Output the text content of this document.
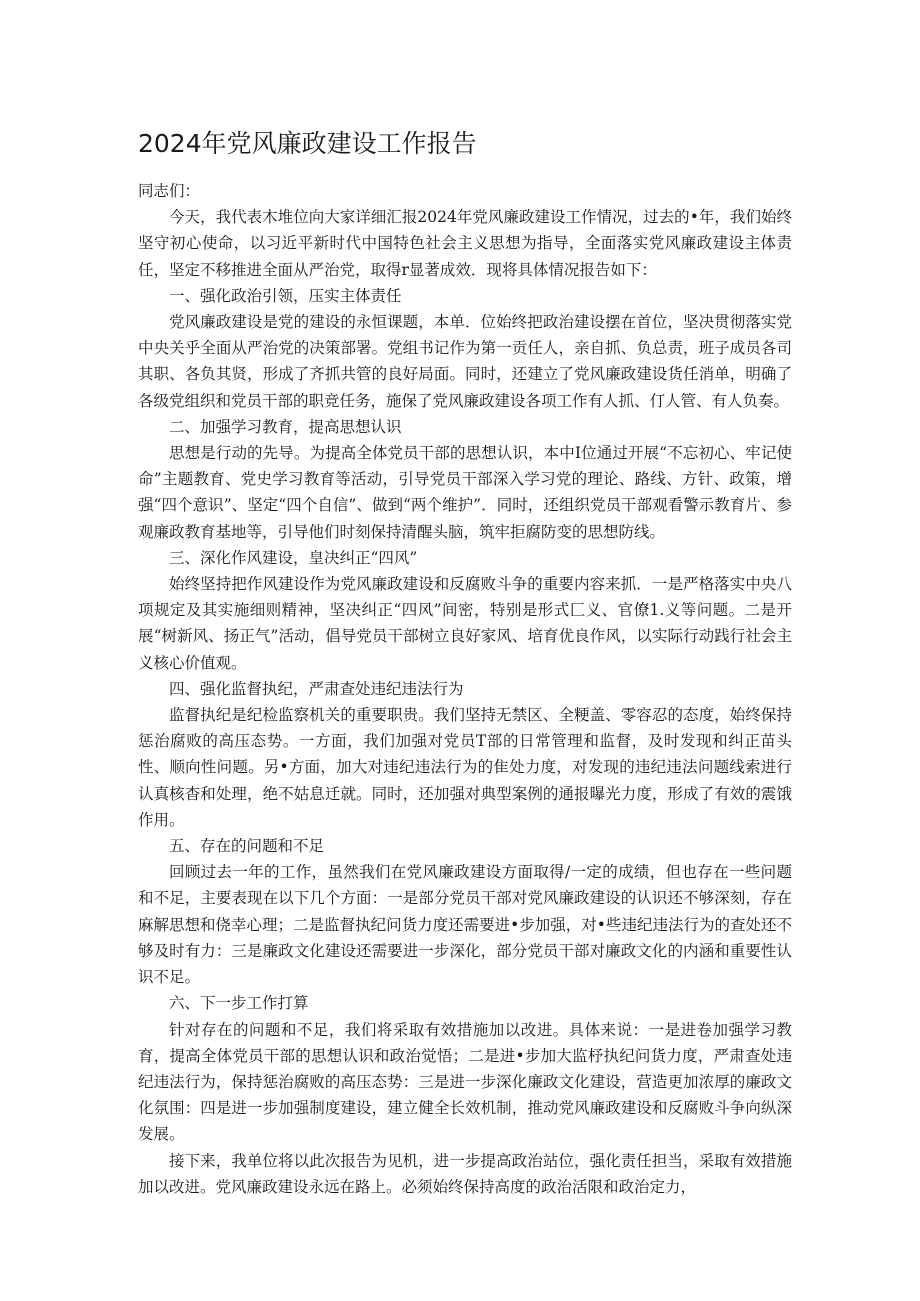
2024年党风廉政建设工作报告

同志们：

今天，我代表木堆位向大家详细汇报2024年党风廉政建设工作情况，过去的•年，我们始终坚守初心使命，以习近平新时代中国特色社会主义思想为指导，全面落实党风廉政建设主体责任，坚定不移推进全面从严治党，取得r显著成效．现将具体情况报告如下：

一、强化政治引领，压实主体责任

党风廉政建设是党的建设的永恒课题，本单．位始终把政治建设摆在首位，坚决贯彻落实党中央关乎全面从严治党的决策部署。党组书记作为第一贡任人，亲自抓、负总责，班子成员各司其职、各负其贤，形成了齐抓共管的良好局面。同时，还建立了党风廉政建设货任消单，明确了各级党组织和党员干部的职竞任务，施保了党风廉政建设各项工作有人抓、仃人管、有人负奏。

二、加强学习教育，提高思想认识

思想是行动的先导。为提高全体党员干部的思想认识，本中I位通过开展“不忘初心、牢记使命”主题教育、党史学习教育等活动，引导党员干部深入学习党的理论、路线、方针、政策，增强“四个意识”、坚定“四个自信”、做到“两个维护”．同时，还组织党员干部观看警示教育片、参观廉政教育基地等，引导他们时刻保持清醒头脑，筑牢拒腐防变的思想防线。

三、深化作风建设，皇决纠正“四风”

始终坚持把作风建设作为党风廉政建设和反腐败斗争的重要内容来抓．一是严格落实中央八项规定及其实施细则精神，坚决纠正“四风”间密，特别是形式匚义、官僚1.义等问题。二是开展“树新风、扬正气”活动，倡导党员干部树立良好家风、培育优良作风，以实际行动践行社会主义核心价值观。

四、强化监督执纪，严肃查处违纪违法行为

监督执纪是纪检监察机关的重要职贵。我们坚持无禁区、全粳盖、零容忍的态度，始终保持惩治腐败的高压态势。一方面，我们加强对党员T部的日常管理和监督，及时发现和纠正苗头性、顺向性问题。另•方面，加大对违纪违法行为的隹处力度，对发现的违纪违法问题线索进行认真核杳和处理，绝不姑息迁就。同时，还加强对典型案例的通报曝光力度，形成了有效的震饿作用。

五、存在的问题和不足

回顾过去一年的工作，虽然我们在党风廉政建设方面取得/一定的成绩，但也存在一些问题和不足，主要表现在以下几个方面：一是部分党员干部对党风廉政建设的认识还不够深刻，存在麻解思想和侥幸心理；二是监督执纪问货力度还需要进•步加强，对•些违纪违法行为的查处还不够及时有力：三是廉政文化建设还需要进一步深化，部分党员干部对廉政文化的内涵和重要性认识不足。

六、下一步工作打算

针对存在的问题和不足，我们将采取有效措施加以改进。具体来说：一是进卷加强学习教育，提高全体党员干部的思想认识和政治觉悟；二是进•步加大监杼执纪问货力度，严肃查处违纪违法行为，保持惩治腐败的高压态势：三是进一步深化廉政文化建设，营造更加浓厚的廉政文化氛围：四是进一步加强制度建设，建立健全长效机制，推动党风廉政建设和反腐败斗争向纵深发展。

接下来，我单位将以此次报告为见机，进一步提高政治站位，强化责任担当，采取有效措施加以改进。党风廉政建设永远在路上。必须始终保持高度的政治活限和政治定力，
